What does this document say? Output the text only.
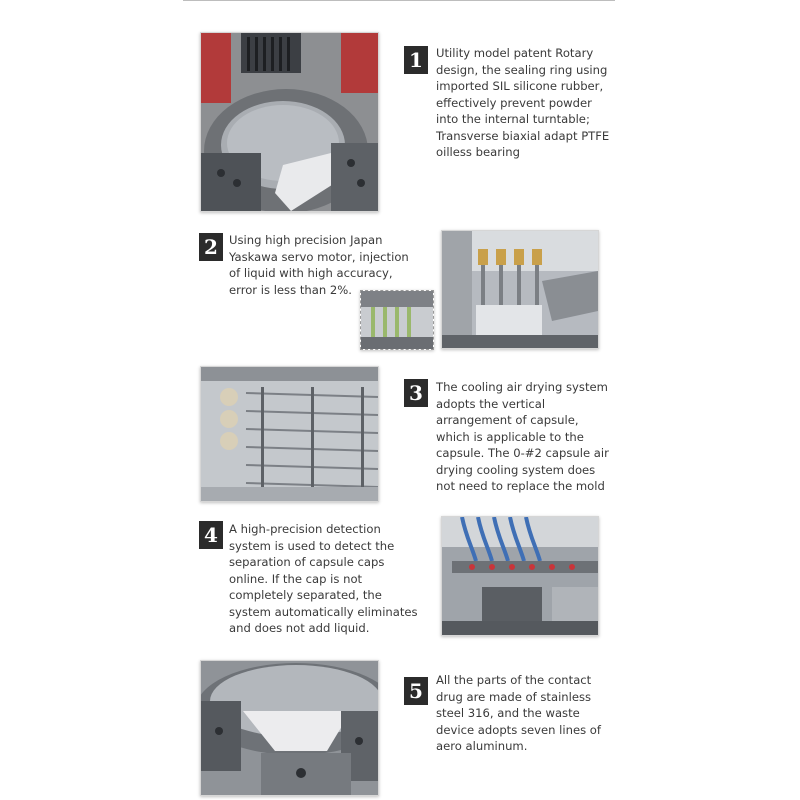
1	Utility model patent Rotary
design, the sealing ring using
imported SIL silicone rubber,
effectively prevent powder
into the internal turntable;
Transverse biaxial adapt PTFE
oilless bearing
2 Using high precision Japan
Yaskawa servo motor, injection
of liquid with high accuracy,
error is less than 2%.
3	The cooling air drying system
adopts the vertical
arrangement of capsule,
which is applicable to the
capsule. The 0-#2 capsule air
drying cooling system does
not need to replace the mold
4 A high-precision detection
system is used to detect the
separation of capsule caps
online. If the cap is not
completely separated, the
system automatically eliminates
and does not add liquid.
5	All the parts of the contact
drug are made of stainless
steel 316, and the waste
device adopts seven lines of
aero aluminum.
